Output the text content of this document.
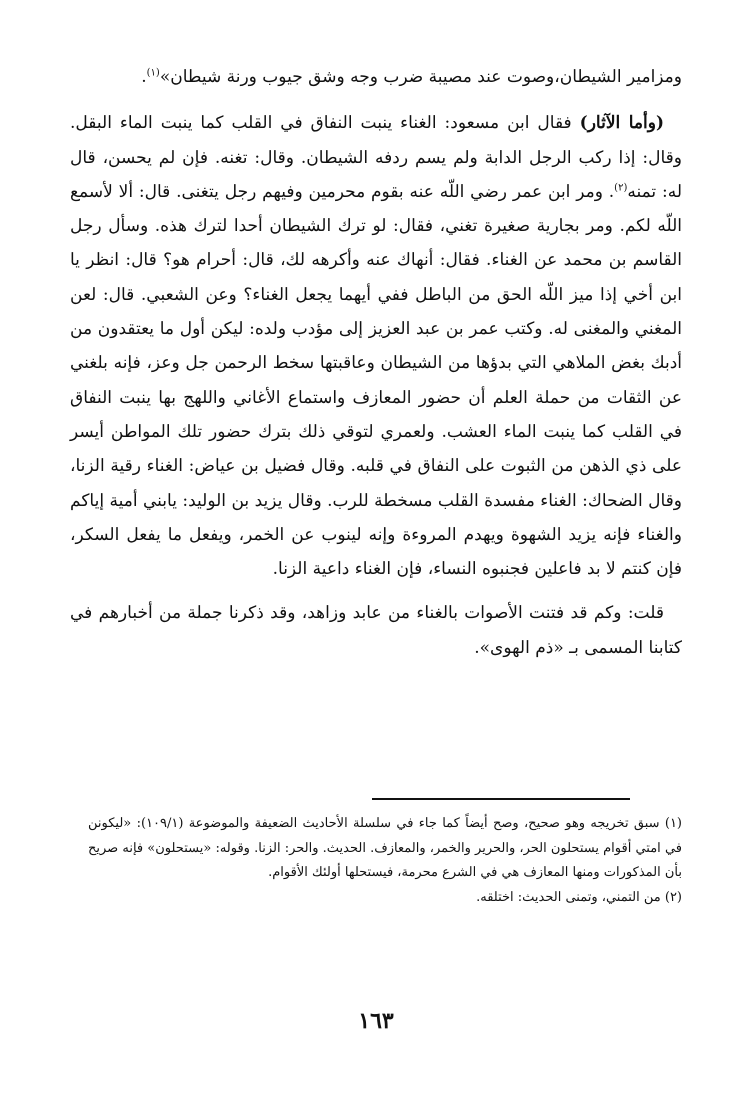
ومزامير الشيطان،وصوت عند مصيبة ضرب وجه وشق جيوب ورنة شيطان»$^{(١)}$.

(وأما الآثار) فقال ابن مسعود: الغناء ينبت النفاق في القلب كما ينبت الماء البقل. وقال: إذا ركب الرجل الدابة ولم يسم ردفه الشيطان. وقال: تغنه. فإن لم يحسن، قال له: تمنه$^{(٢)}$. ومر ابن عمر رضي اللّه عنه بقوم محرمين وفيهم رجل يتغنى. قال: ألا لأسمع اللّه لكم. ومر بجارية صغيرة تغني، فقال: لو ترك الشيطان أحدا لترك هذه. وسأل رجل القاسم بن محمد عن الغناء. فقال: أنهاك عنه وأكرهه لك، قال: أحرام هو؟ قال: انظر يا ابن أخي إذا ميز اللّه الحق من الباطل ففي أيهما يجعل الغناء؟ وعن الشعبي. قال: لعن المغني والمغنى له. وكتب عمر بن عبد العزيز إلى مؤدب ولده: ليكن أول ما يعتقدون من أدبك بغض الملاهي التي بدؤها من الشيطان وعاقبتها سخط الرحمن جل وعز، فإنه بلغني عن الثقات من حملة العلم أن حضور المعازف واستماع الأغاني واللهج بها ينبت النفاق في القلب كما ينبت الماء العشب. ولعمري لتوقي ذلك بترك حضور تلك المواطن أيسر على ذي الذهن من الثبوت على النفاق في قلبه. وقال فضيل بن عياض: الغناء رقية الزنا، وقال الضحاك: الغناء مفسدة القلب مسخطة للرب. وقال يزيد بن الوليد: يابني أمية إياكم والغناء فإنه يزيد الشهوة ويهدم المروءة وإنه لينوب عن الخمر، ويفعل ما يفعل السكر، فإن كنتم لا بد فاعلين فجنبوه النساء، فإن الغناء داعية الزنا.

قلت: وكم قد فتنت الأصوات بالغناء من عابد وزاهد، وقد ذكرنا جملة من أخبارهم في كتابنا المسمى بـ «ذم الهوى».

(١) سبق تخريجه وهو صحيح، وصح أيضاً كما جاء في سلسلة الأحاديث الضعيفة والموضوعة (١٠٩/١): «ليكونن في امتي أقوام يستحلون الحر، والحرير والخمر، والمعازف. الحديث. والحر: الزنا. وقوله: «يستحلون» فإنه صريح بأن المذكورات ومنها المعازف هي في الشرع محرمة، فيستحلها أولئك الأقوام.

(٢) من التمني، وتمنى الحديث: اختلقه.

١٦٣
